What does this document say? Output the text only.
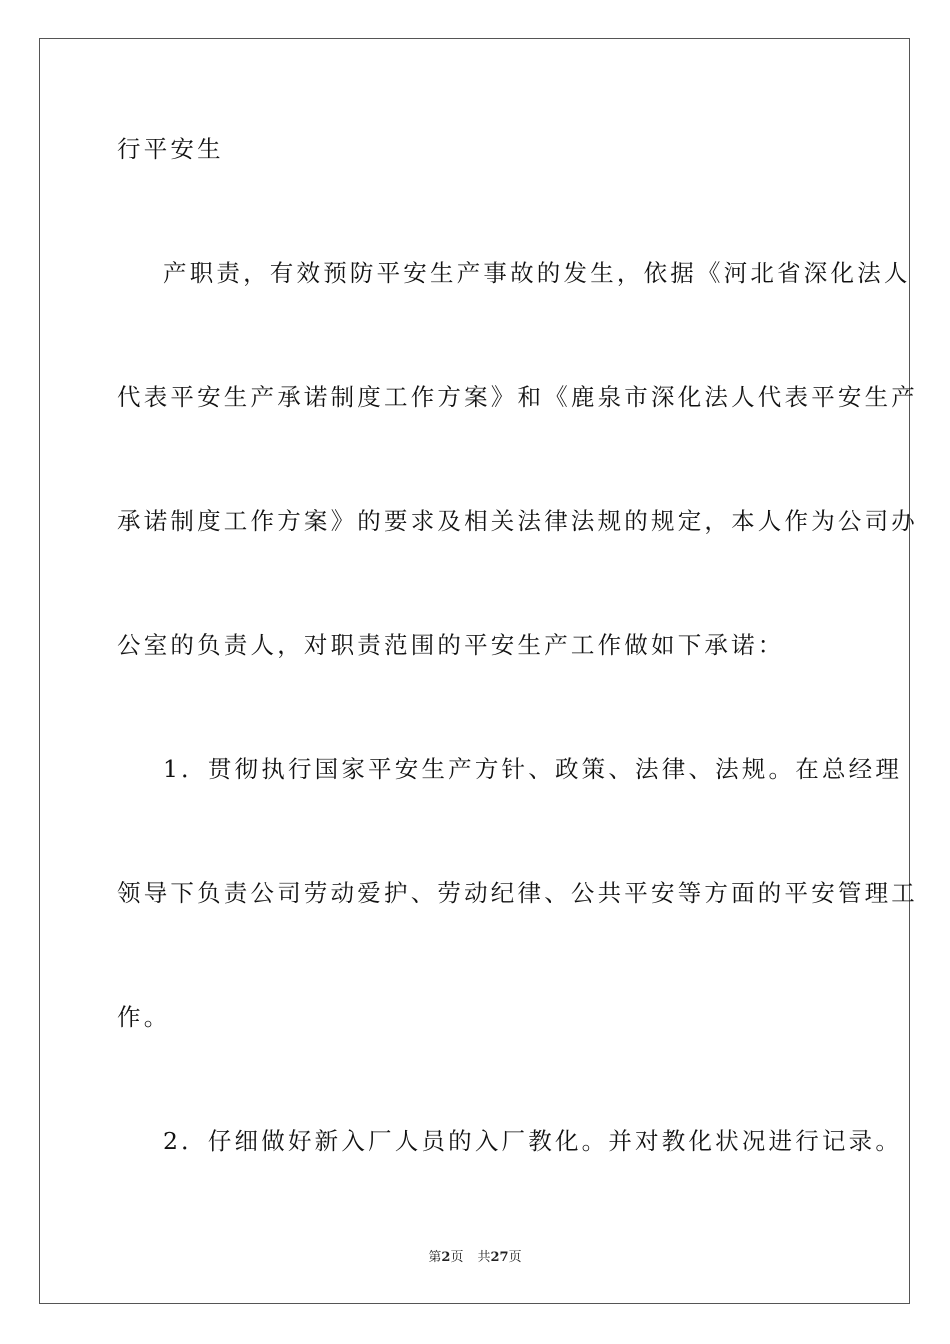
行平安生

产职责，有效预防平安生产事故的发生，依据《河北省深化法人

代表平安生产承诺制度工作方案》和《鹿泉市深化法人代表平安生产

承诺制度工作方案》的要求及相关法律法规的规定，本人作为公司办

公室的负责人，对职责范围的平安生产工作做如下承诺：

1．贯彻执行国家平安生产方针、政策、法律、法规。在总经理

领导下负责公司劳动爱护、劳动纪律、公共平安等方面的平安管理工

作。

2．仔细做好新入厂人员的入厂教化。并对教化状况进行记录。

第2页 共27页
